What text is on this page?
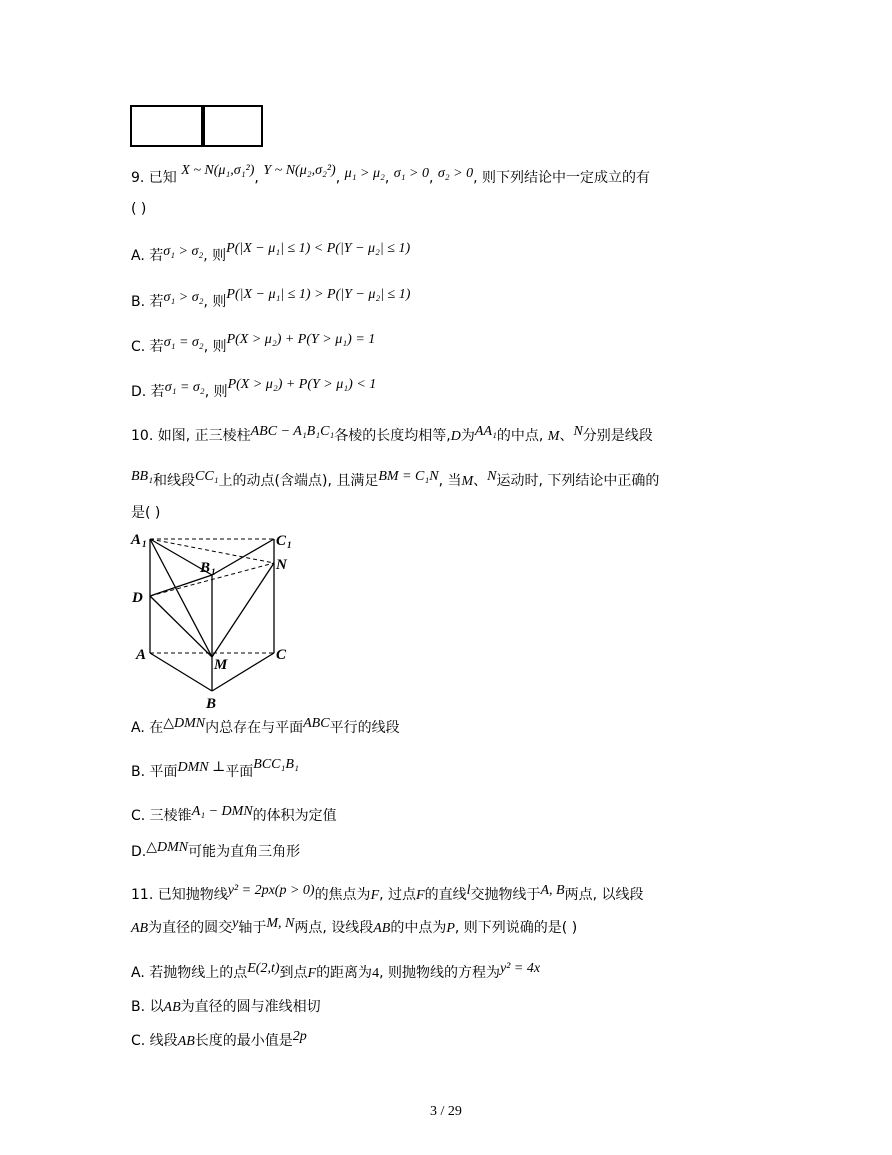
9. 已知 X ~ N(μ₁,σ₁²), Y ~ N(μ₂,σ₂²), μ₁ > μ₂, σ₁ > 0, σ₂ > 0, 则下列结论中一定成立的有
( )
A. 若σ₁ > σ₂, 则P(|X − μ₁| ≤ 1) < P(|Y − μ₂| ≤ 1)
B. 若σ₁ > σ₂, 则P(|X − μ₁| ≤ 1) > P(|Y − μ₂| ≤ 1)
C. 若σ₁ = σ₂, 则P(X > μ₂) + P(Y > μ₁) = 1
D. 若σ₁ = σ₂, 则P(X > μ₂) + P(Y > μ₁) < 1
10. 如图, 正三棱柱ABC − A₁B₁C₁各棱的长度均相等,D为AA₁的中点, M、N分别是线段
BB₁和线段CC₁上的动点(含端点), 且满足BM = C₁N, 当M、N运动时, 下列结论中正确的
是( )
A 1	C 1
B 1	N
D
A
M
C
B
A. 在△DMN内总存在与平面ABC平行的线段
B. 平面DMN ⊥平面BCC₁B₁
C. 三棱锥A₁ − DMN的体积为定值
D.△DMN可能为直角三角形
11. 已知抛物线y² = 2px(p > 0)的焦点为F, 过点F的直线l交抛物线于A, B两点, 以线段
AB为直径的圆交y轴于M, N两点, 设线段AB的中点为P, 则下列说确的是( )
A. 若抛物线上的点E(2,t)到点F的距离为4, 则抛物线的方程为y² = 4x
B. 以AB为直径的圆与准线相切
C. 线段AB长度的最小值是2p
3 / 29
